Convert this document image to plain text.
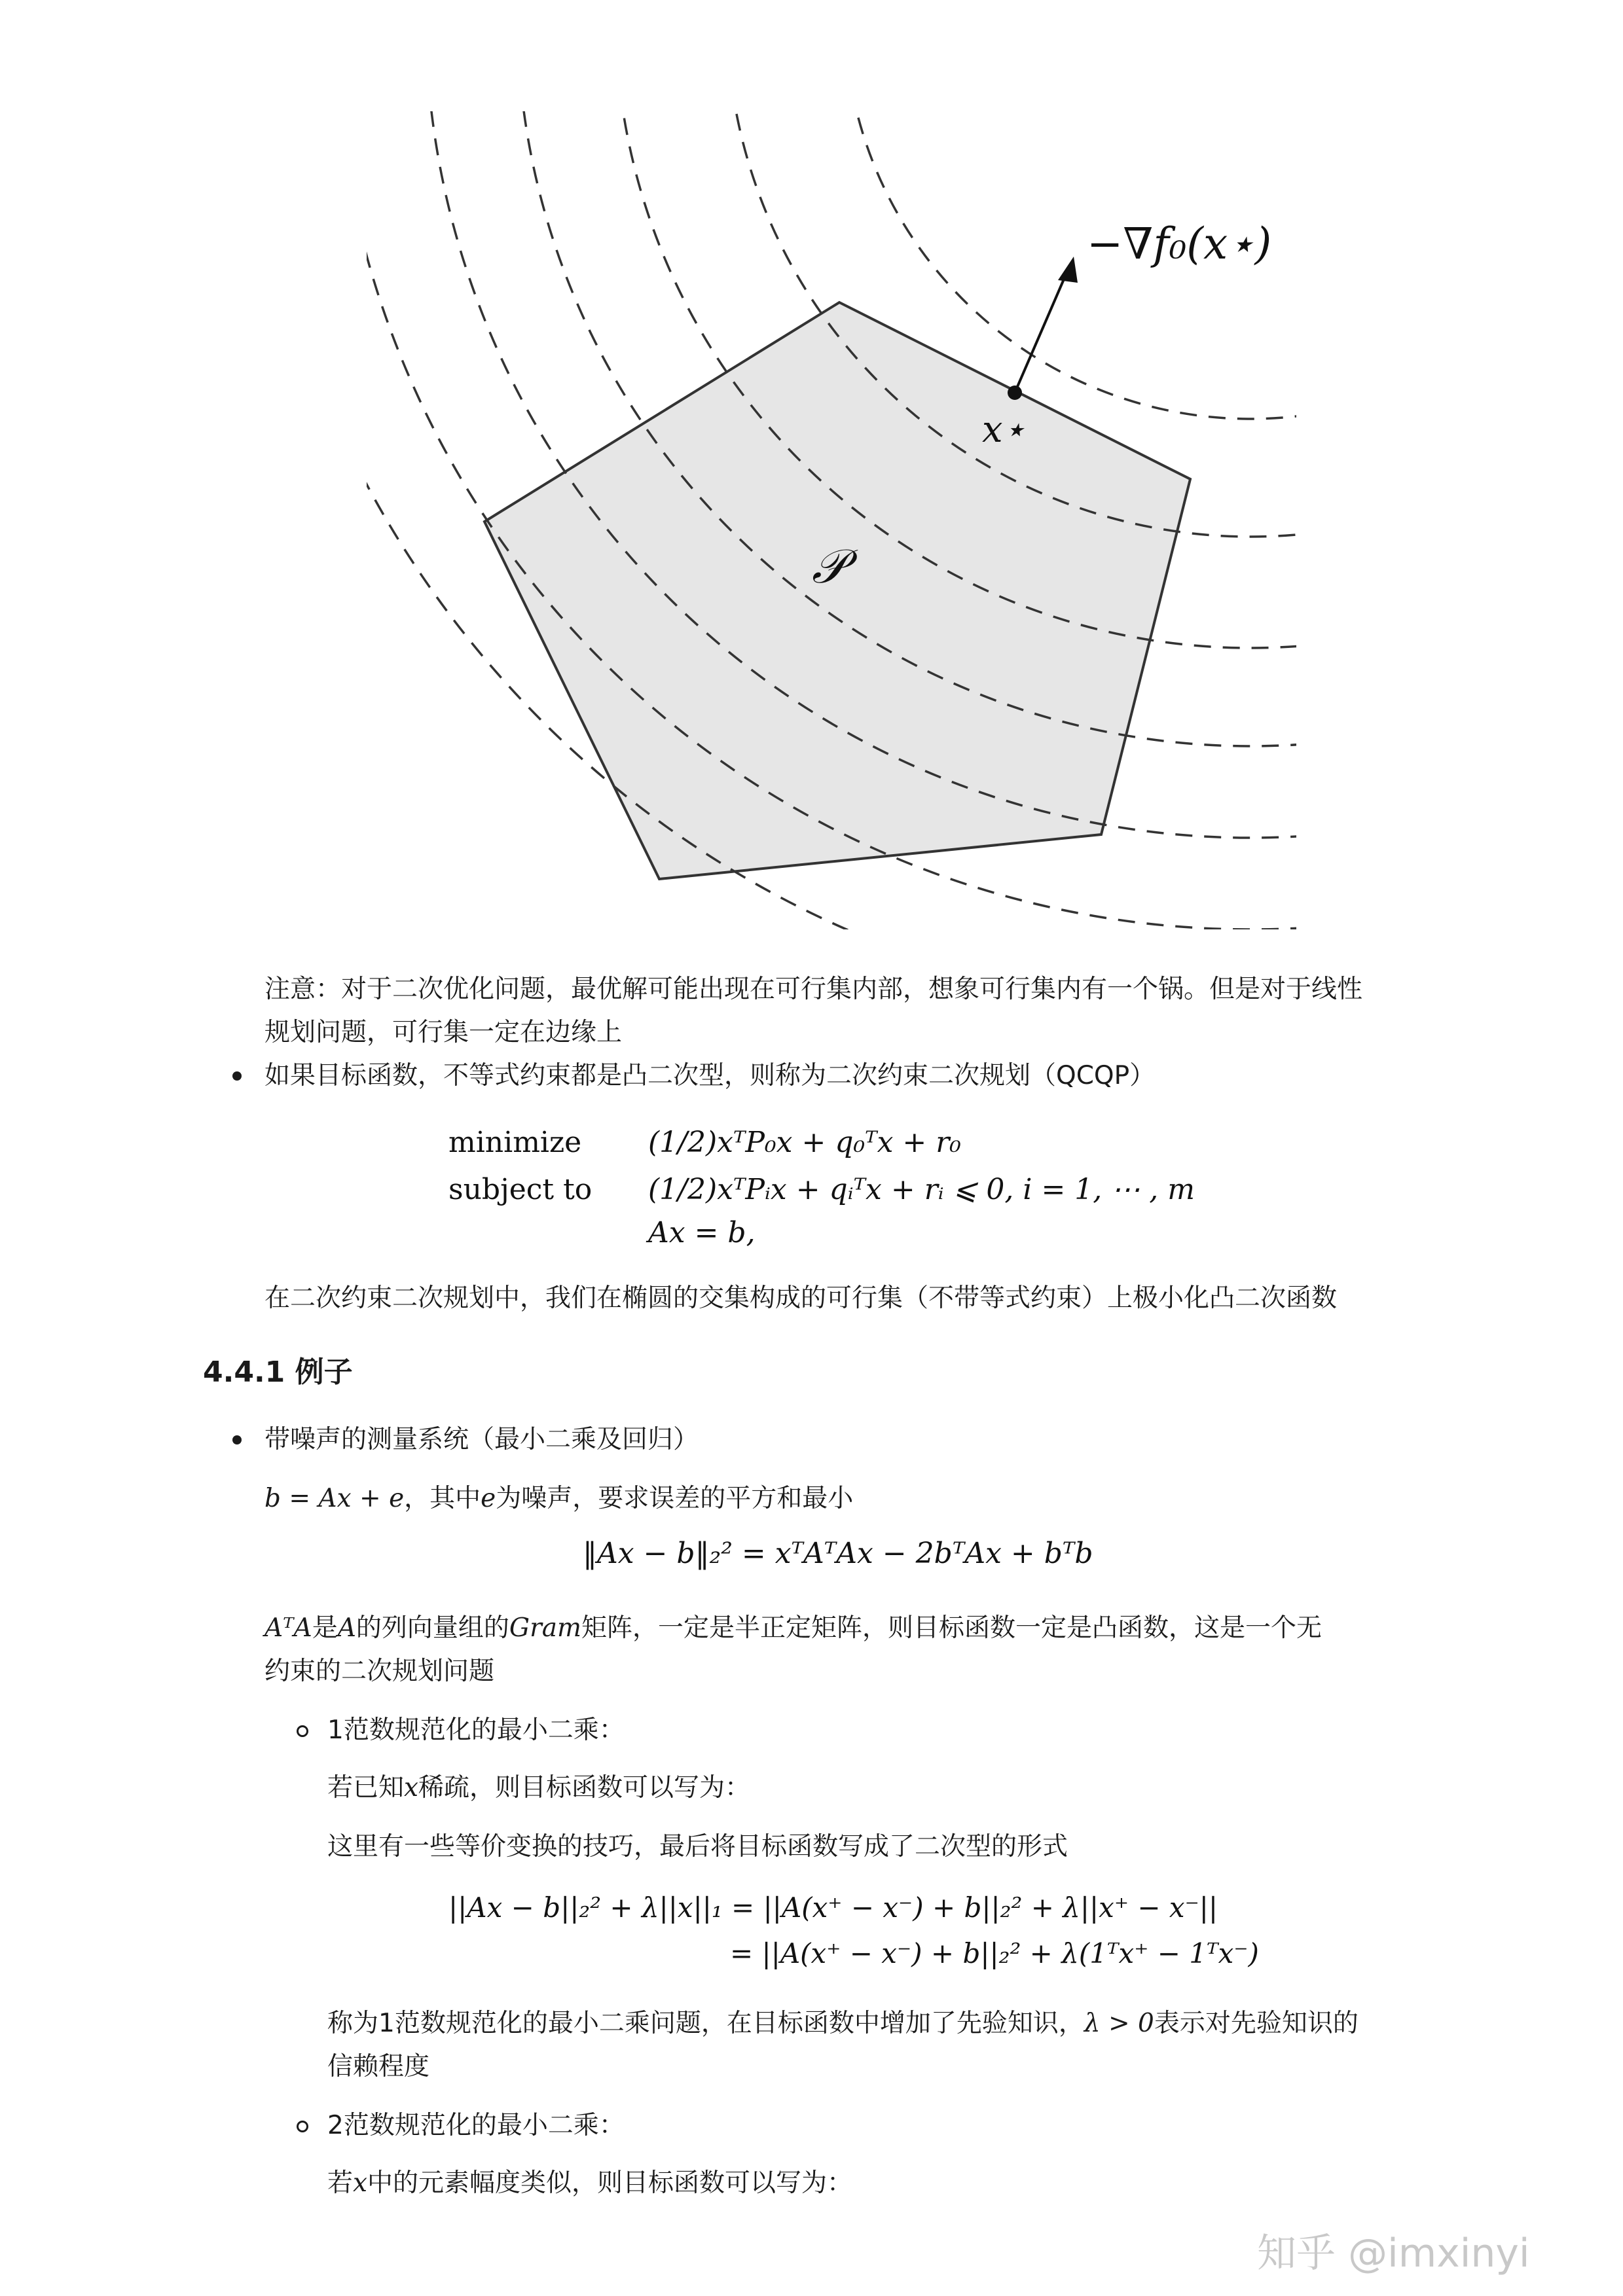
−∇f₀(x⋆)
x⋆
𝒫
注意：对于二次优化问题，最优解可能出现在可行集内部，想象可行集内有一个锅。但是对于线性
规划问题，可行集一定在边缘上
如果目标函数，不等式约束都是凸二次型，则称为二次约束二次规划（QCQP）
minimize (1/2)xᵀP₀x + q₀ᵀx + r₀
subject to (1/2)xᵀPᵢx + qᵢᵀx + rᵢ ⩽ 0, i = 1, ⋯ , m
Ax = b,
在二次约束二次规划中，我们在椭圆的交集构成的可行集（不带等式约束）上极小化凸二次函数
4.4.1 例子
带噪声的测量系统（最小二乘及回归）
b = Ax + e，其中e为噪声，要求误差的平方和最小
‖Ax − b‖₂² = xᵀAᵀAx − 2bᵀAx + bᵀb
AᵀA是A的列向量组的Gram矩阵，一定是半正定矩阵，则目标函数一定是凸函数，这是一个无
约束的二次规划问题
1范数规范化的最小二乘：
若已知x稀疏，则目标函数可以写为：
这里有一些等价变换的技巧，最后将目标函数写成了二次型的形式
||Ax − b||₂² + λ||x||₁ = ||A(x⁺ − x⁻) + b||₂² + λ||x⁺ − x⁻||
= ||A(x⁺ − x⁻) + b||₂² + λ(1ᵀx⁺ − 1ᵀx⁻)
称为1范数规范化的最小二乘问题，在目标函数中增加了先验知识，λ > 0表示对先验知识的
信赖程度
2范数规范化的最小二乘：
若x中的元素幅度类似，则目标函数可以写为：
知乎 @imxinyi
